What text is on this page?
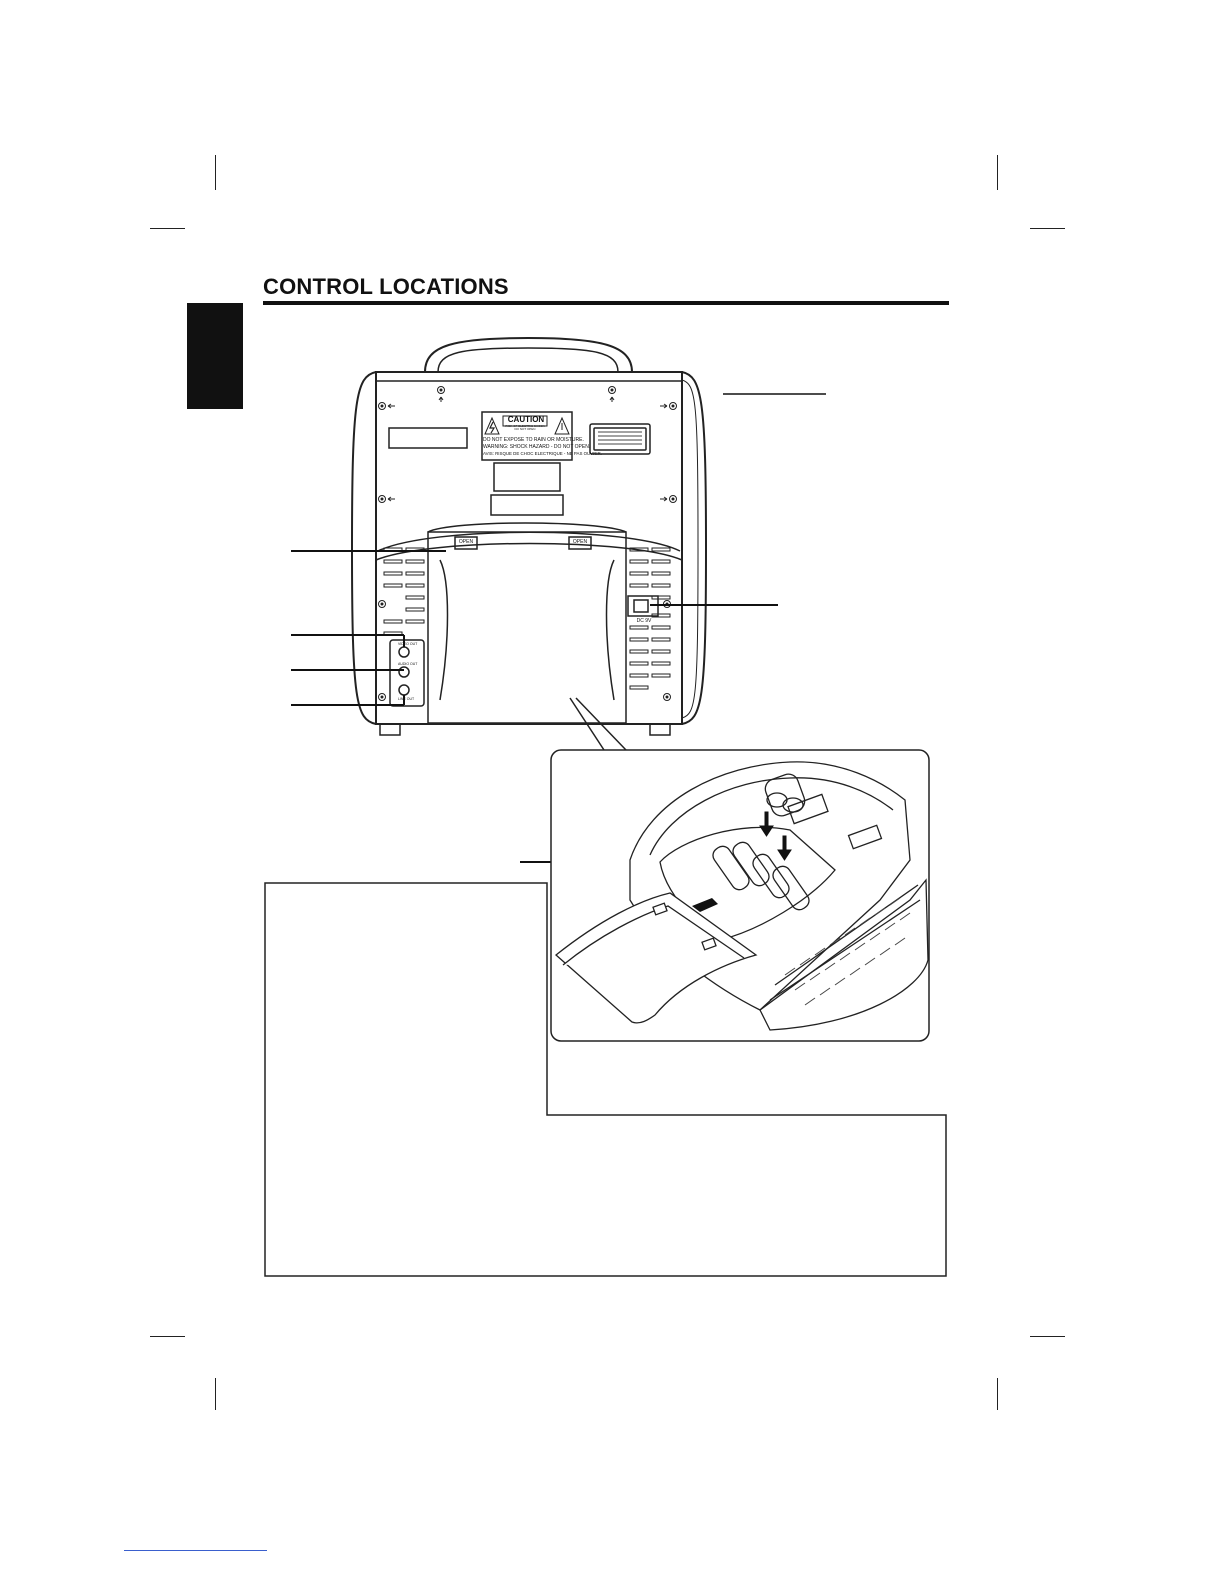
CONTROL LOCATIONS
CAUTION
RISK OF ELECTRIC SHOCK DO NOT OPEN
DO NOT EXPOSE TO RAIN OR MOISTURE.
WARNING: SHOCK HAZARD - DO NOT OPEN.
AVIS: RISQUE DE CHOC ELECTRIQUE - NE PAS OUVRIR.
OPEN	OPEN
DC 9V
VIDEO OUT
AUDIO OUT
LINE OUT
